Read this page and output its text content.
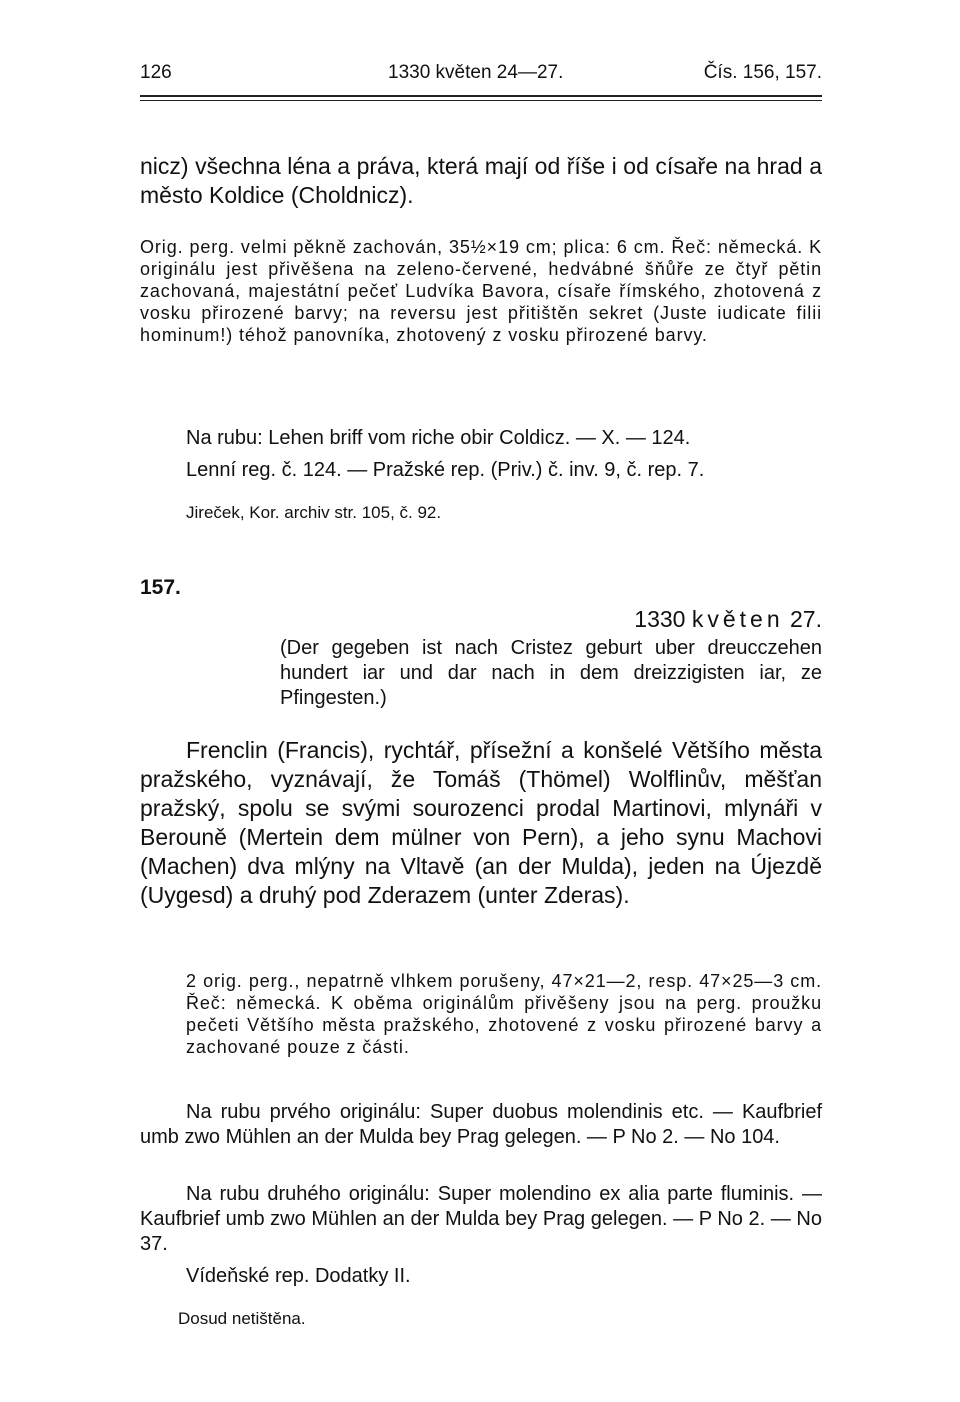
126	1330 květen 24—27.	Čís. 156, 157.
nicz) všechna léna a práva, která mají od říše i od císaře na hrad a město Koldice (Choldnicz).
Orig. perg. velmi pěkně zachován, 35½×19 cm; plica: 6 cm. Řeč: německá. K originálu jest přivěšena na zeleno-červené, hedvábné šňůře ze čtyř pětin zachovaná, majestátní pečeť Ludvíka Bavora, císaře římského, zhotovená z vosku přirozené barvy; na reversu jest přitištěn sekret (Juste iudicate filii hominum!) téhož panovníka, zhotovený z vosku přirozené barvy.
Na rubu: Lehen briff vom riche obir Coldicz. — X. — 124.
Lenní reg. č. 124. — Pražské rep. (Priv.) č. inv. 9, č. rep. 7.
Jireček, Kor. archiv str. 105, č. 92.
157.
1330 květen 27.
(Der gegeben ist nach Cristez geburt uber dreucczehen hundert iar und dar nach in dem dreizzigisten iar, ze Pfingesten.)
Frenclin (Francis), rychtář, přísežní a konšelé Většího města pražského, vyznávají, že Tomáš (Thömel) Wolflinův, měšťan pražský, spolu se svými sourozenci prodal Martinovi, mlynáři v Berouně (Mertein dem mülner von Pern), a jeho synu Machovi (Machen) dva mlýny na Vltavě (an der Mulda), jeden na Újezdě (Uygesd) a druhý pod Zderazem (unter Zderas).
2 orig. perg., nepatrně vlhkem porušeny, 47×21—2, resp. 47×25—3 cm. Řeč: německá. K oběma originálům přivěšeny jsou na perg. proužku pečeti Většího města pražského, zhotovené z vosku přirozené barvy a zachované pouze z části.
Na rubu prvého originálu: Super duobus molendinis etc. — Kaufbrief umb zwo Mühlen an der Mulda bey Prag gelegen. — P No 2. — No 104.
Na rubu druhého originálu: Super molendino ex alia parte fluminis. — Kaufbrief umb zwo Mühlen an der Mulda bey Prag gelegen. — P No 2. — No 37.
Vídeňské rep. Dodatky II.
Dosud netištěna.
